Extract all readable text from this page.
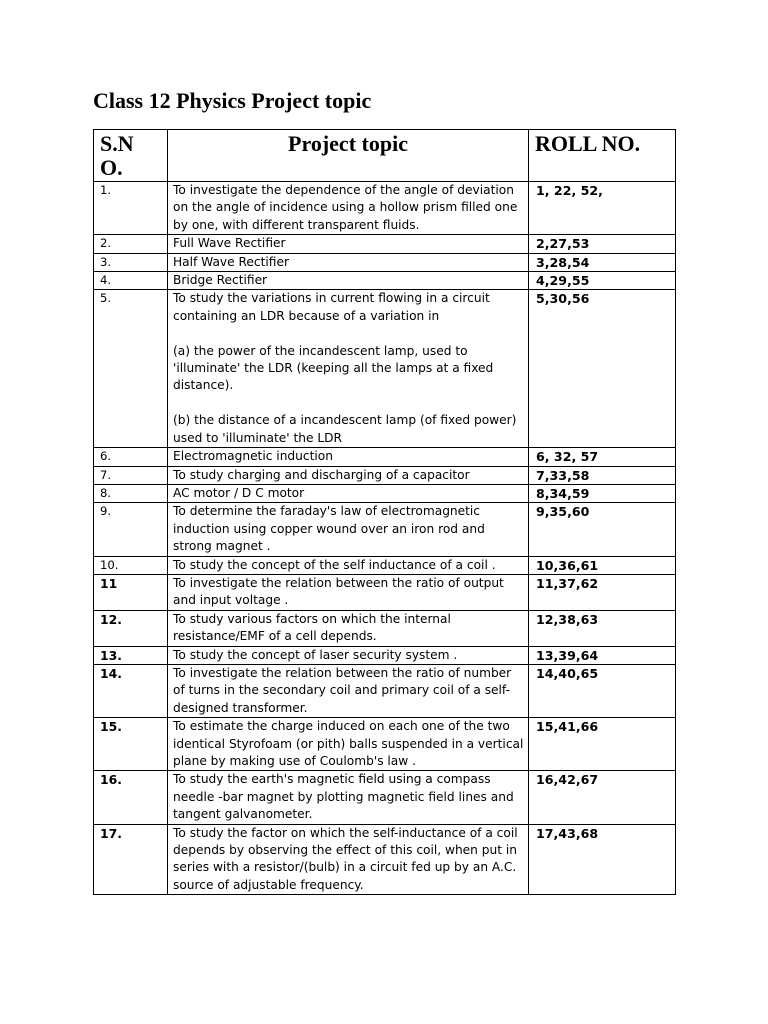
Class 12 Physics Project topic
S.NO.	Project topic	ROLL NO.
1.	To investigate the dependence of the angle of deviation on the angle of incidence using a hollow prism filled one by one, with different transparent fluids.	1, 22, 52,
2.	Full Wave Rectifier	2,27,53
3.	Half Wave Rectifier	3,28,54
4.	Bridge Rectifier	4,29,55
5.	To study the variations in current flowing in a circuit containing an LDR because of a variation in

(a) the power of the incandescent lamp, used to 'illuminate' the LDR (keeping all the lamps at a fixed distance).

(b) the distance of a incandescent lamp (of fixed power) used to 'illuminate' the LDR	5,30,56
6.	Electromagnetic induction	6, 32, 57
7.	To study charging and discharging of a capacitor	7,33,58
8.	AC motor / D C motor	8,34,59
9.	To determine the faraday's law of electromagnetic induction using copper wound over an iron rod and strong magnet .	9,35,60
10.	To study the concept of the self inductance of a coil .	10,36,61
11	To investigate the relation between the ratio of output and input voltage .	11,37,62
12.	To study various factors on which the internal resistance/EMF of a cell depends.	12,38,63
13.	To study the concept of laser security system .	13,39,64
14.	To investigate the relation between the ratio of number of turns in the secondary coil and primary coil of a self-designed transformer.	14,40,65
15.	To estimate the charge induced on each one of the two identical Styrofoam (or pith) balls suspended in a vertical plane by making use of Coulomb's law .	15,41,66
16.	To study the earth's magnetic field using a compass needle -bar magnet by plotting magnetic field lines and tangent galvanometer.	16,42,67
17.	To study the factor on which the self-inductance of a coil depends by observing the effect of this coil, when put in series with a resistor/(bulb) in a circuit fed up by an A.C. source of adjustable frequency.	17,43,68
